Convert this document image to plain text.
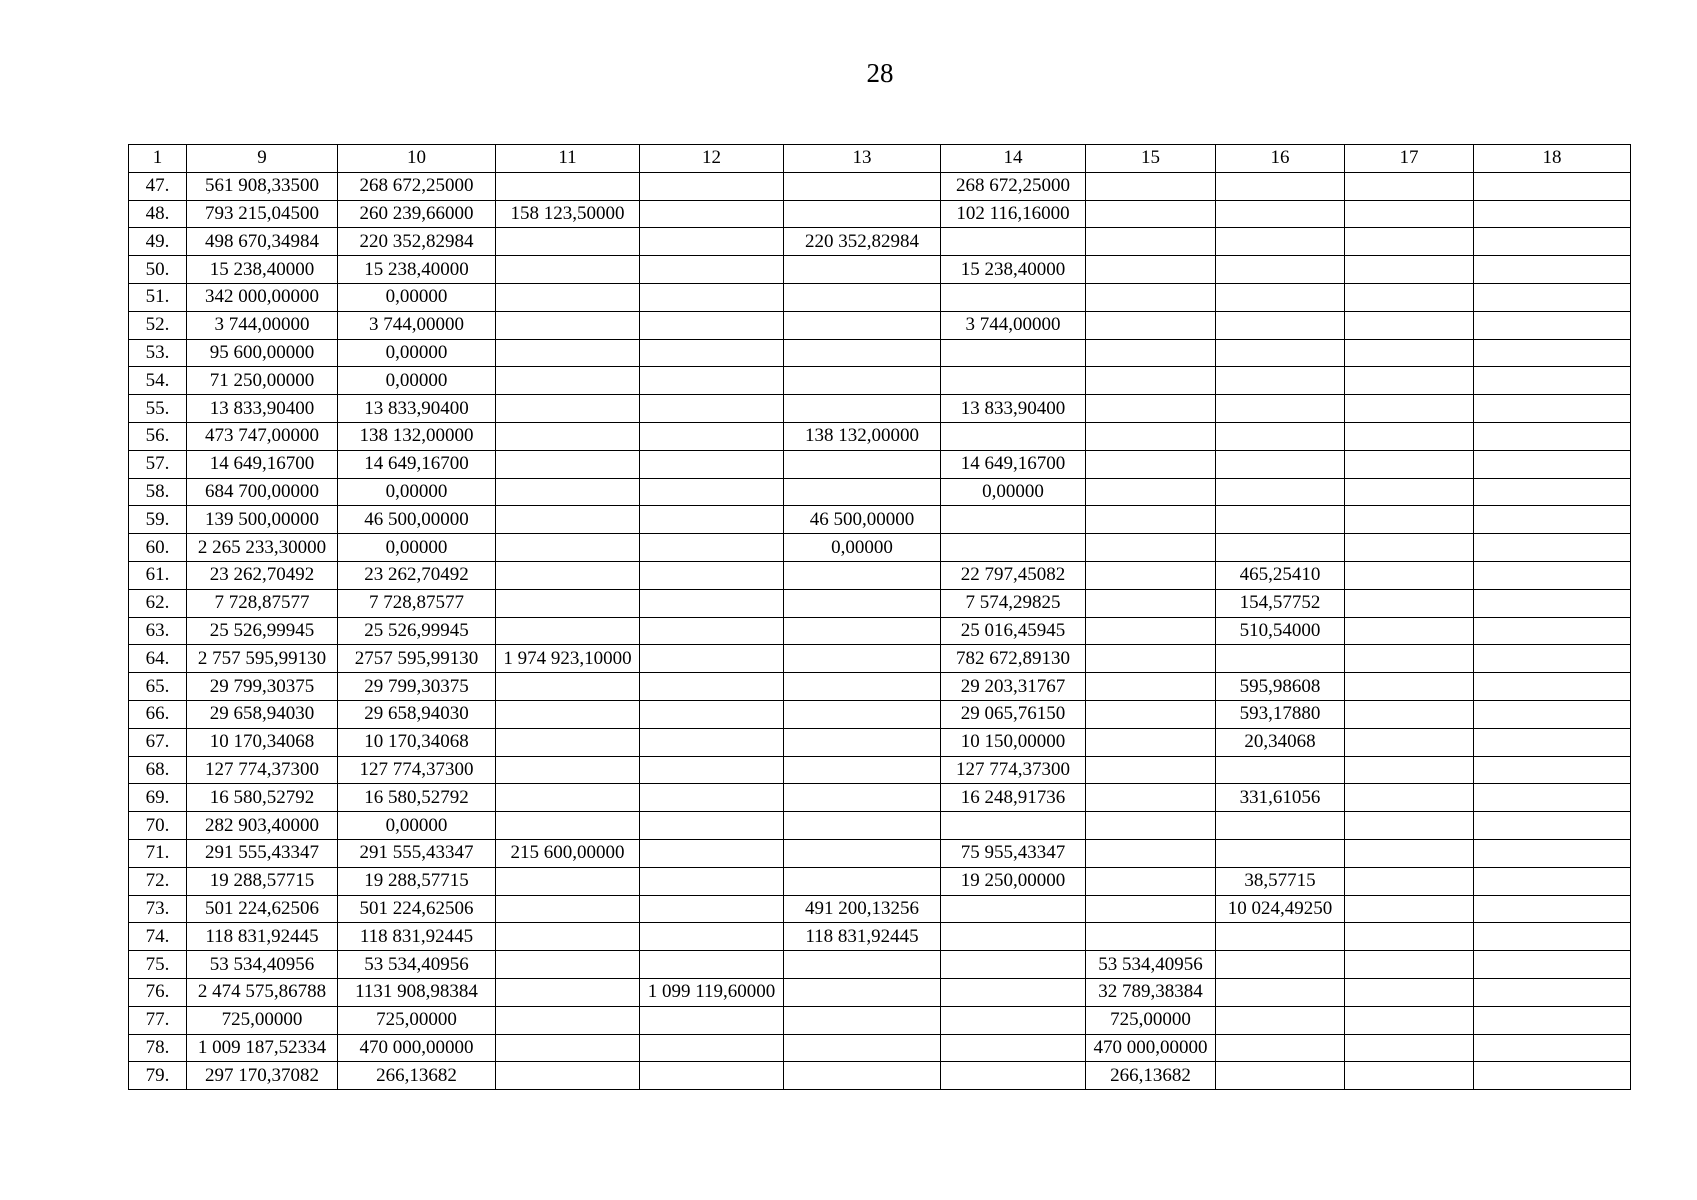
28
1	9	10	11	12	13	14	15	16	17	18
47.	561 908,33500	268 672,25000				268 672,25000				
48.	793 215,04500	260 239,66000	158 123,50000			102 116,16000				
49.	498 670,34984	220 352,82984			220 352,82984					
50.	15 238,40000	15 238,40000				15 238,40000				
51.	342 000,00000	0,00000								
52.	3 744,00000	3 744,00000				3 744,00000				
53.	95 600,00000	0,00000								
54.	71 250,00000	0,00000								
55.	13 833,90400	13 833,90400				13 833,90400				
56.	473 747,00000	138 132,00000			138 132,00000					
57.	14 649,16700	14 649,16700				14 649,16700				
58.	684 700,00000	0,00000				0,00000				
59.	139 500,00000	46 500,00000			46 500,00000					
60.	2 265 233,30000	0,00000			0,00000					
61.	23 262,70492	23 262,70492				22 797,45082		465,25410		
62.	7 728,87577	7 728,87577				7 574,29825		154,57752		
63.	25 526,99945	25 526,99945				25 016,45945		510,54000		
64.	2 757 595,99130	2757 595,99130	1 974 923,10000			782 672,89130				
65.	29 799,30375	29 799,30375				29 203,31767		595,98608		
66.	29 658,94030	29 658,94030				29 065,76150		593,17880		
67.	10 170,34068	10 170,34068				10 150,00000		20,34068		
68.	127 774,37300	127 774,37300				127 774,37300				
69.	16 580,52792	16 580,52792				16 248,91736		331,61056		
70.	282 903,40000	0,00000								
71.	291 555,43347	291 555,43347	215 600,00000			75 955,43347				
72.	19 288,57715	19 288,57715				19 250,00000		38,57715		
73.	501 224,62506	501 224,62506			491 200,13256			10 024,49250		
74.	118 831,92445	118 831,92445			118 831,92445					
75.	53 534,40956	53 534,40956					53 534,40956			
76.	2 474 575,86788	1131 908,98384		1 099 119,60000			32 789,38384			
77.	725,00000	725,00000					725,00000			
78.	1 009 187,52334	470 000,00000					470 000,00000			
79.	297 170,37082	266,13682					266,13682			
